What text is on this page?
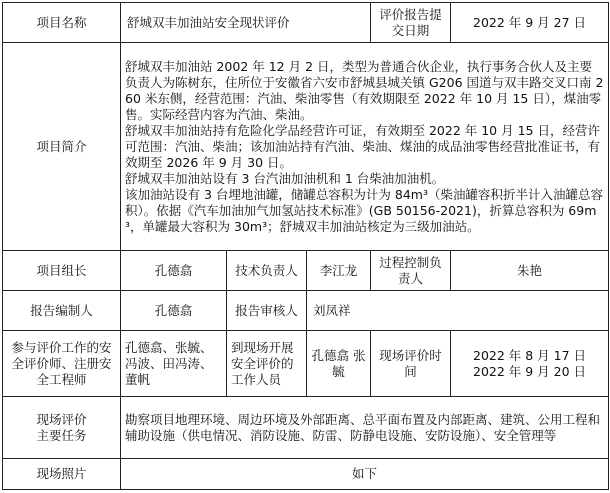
项目名称	舒城双丰加油站安全现状评价			评价报告提交日期	2022 年 9 月 27 日
项目简介	舒城双丰加油站 2002 年 12 月 2 日，类型为普通合伙企业，执行事务合伙人及主要负责人为陈树东，住所位于安徽省六安市舒城县城关镇 G206 国道与双丰路交叉口南 260 米东侧，经营范围：汽油、柴油零售（有效期限至 2022 年 10 月 15 日），煤油零售。实际经营内容为汽油、柴油。

舒城双丰加油站持有危险化学品经营许可证，有效期至 2022 年 10 月 15 日，经营许可范围：汽油、柴油；该加油站持有汽油、柴油、煤油的成品油零售经营批准证书，有效期至 2026 年 9 月 30 日。

舒城双丰加油站设有 3 台汽油加油机和 1 台柴油加油机。

该加油站设有 3 台埋地油罐，储罐总容积为计为 84m³（柴油罐容积折半计入油罐总容积）。依据《汽车加油加气加氢站技术标准》(GB 50156-2021)，折算总容积为 69m³，单罐最大容积为 30m³；舒城双丰加油站核定为三级加油站。				

项目组长	孔德翕	技术负责人	李江龙	过程控制负责人	朱艳
报告编制人	孔德翕	报告审核人	刘凤祥		
参与评价工作的安全评价师、注册安全工程师	孔德翕、张毓、冯波、田冯涛、董帆	到现场开展安全评价的工作人员	孔德翕 张毓	现场评价时间	2022 年 8 月 17 日
2022 年 9 月 20 日

现场评价主要任务	勘察项目地理环境、周边环境及外部距离、总平面布置及内部距离、建筑、公用工程和辅助设施（供电情况、消防设施、防雷、防静电设施、安防设施）、安全管理等				
现场照片	如下				
